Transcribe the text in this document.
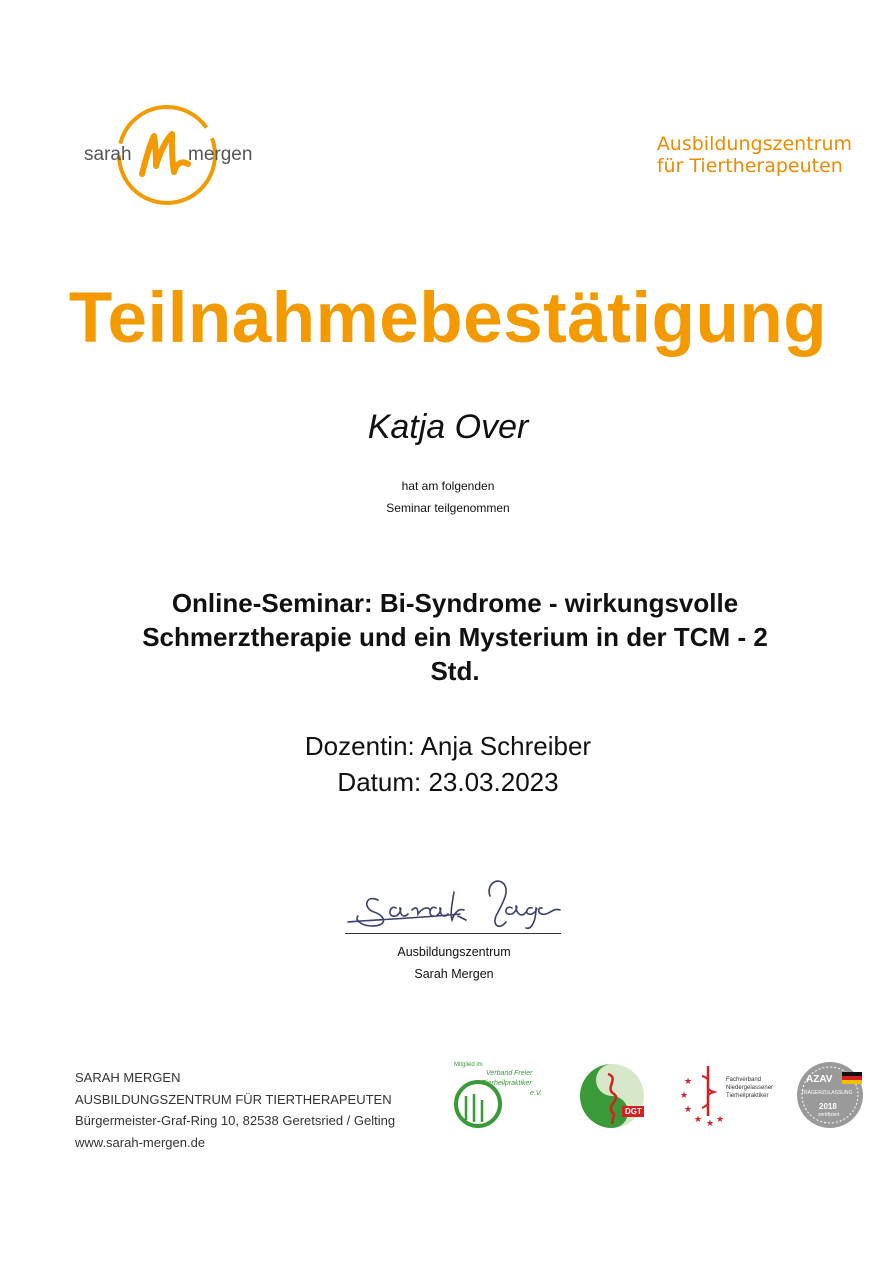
sarah	mergen	Ausbildungszentrum
für Tiertherapeuten
Teilnahmebestätigung
Katja Over
hat am folgenden
Seminar teilgenommen
Online-Seminar: Bi-Syndrome - wirkungsvolle
Schmerztherapie und ein Mysterium in der TCM - 2
Std.
Dozentin: Anja Schreiber
Datum: 23.03.2023
Ausbildungszentrum
Sarah Mergen
SARAH MERGEN
AUSBILDUNGSZENTRUM FÜR TIERTHERAPEUTEN
Bürgermeister-Graf-Ring 10, 82538 Geretsried / Gelting
www.sarah-mergen.de
Mitglied im
Verband Freier
Tierheilpraktiker
e.V.
DGT
★
★
★
★ ★ ★
Fachverband
Niedergelassener
Tierheilpraktiker
AZAV
TRÄGERZULASSUNG
2018
zertifiziert
